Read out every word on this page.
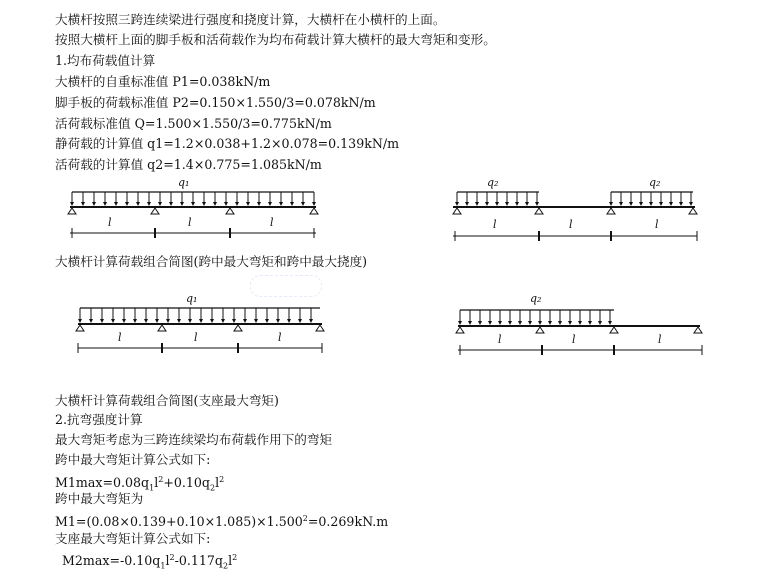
大横杆按照三跨连续梁进行强度和挠度计算，大横杆在小横杆的上面。
按照大横杆上面的脚手板和活荷载作为均布荷载计算大横杆的最大弯矩和变形。
1.均布荷载值计算
大横杆的自重标准值 P1=0.038kN/m
脚手板的荷载标准值 P2=0.150×1.550/3=0.078kN/m
活荷载标准值 Q=1.500×1.550/3=0.775kN/m
静荷载的计算值 q1=1.2×0.038+1.2×0.078=0.139kN/m
活荷载的计算值 q2=1.4×0.775=1.085kN/m
q₁
l	l	l
q₂	q₂
l	l	l
大横杆计算荷载组合简图(跨中最大弯矩和跨中最大挠度)
q₁
l	l	l
q₂
l	l	l
大横杆计算荷载组合简图(支座最大弯矩)
2.抗弯强度计算
最大弯矩考虑为三跨连续梁均布荷载作用下的弯矩
跨中最大弯矩计算公式如下:
$M1\max=0.08q_1l^2+0.10q_2l^2$
跨中最大弯矩为
$M1=(0.08\times 0.139+0.10\times 1.085)\times 1.500^2=0.269kN.m$
支座最大弯矩计算公式如下:
$M2\max=-0.10q_1l^2-0.117q_2l^2$
